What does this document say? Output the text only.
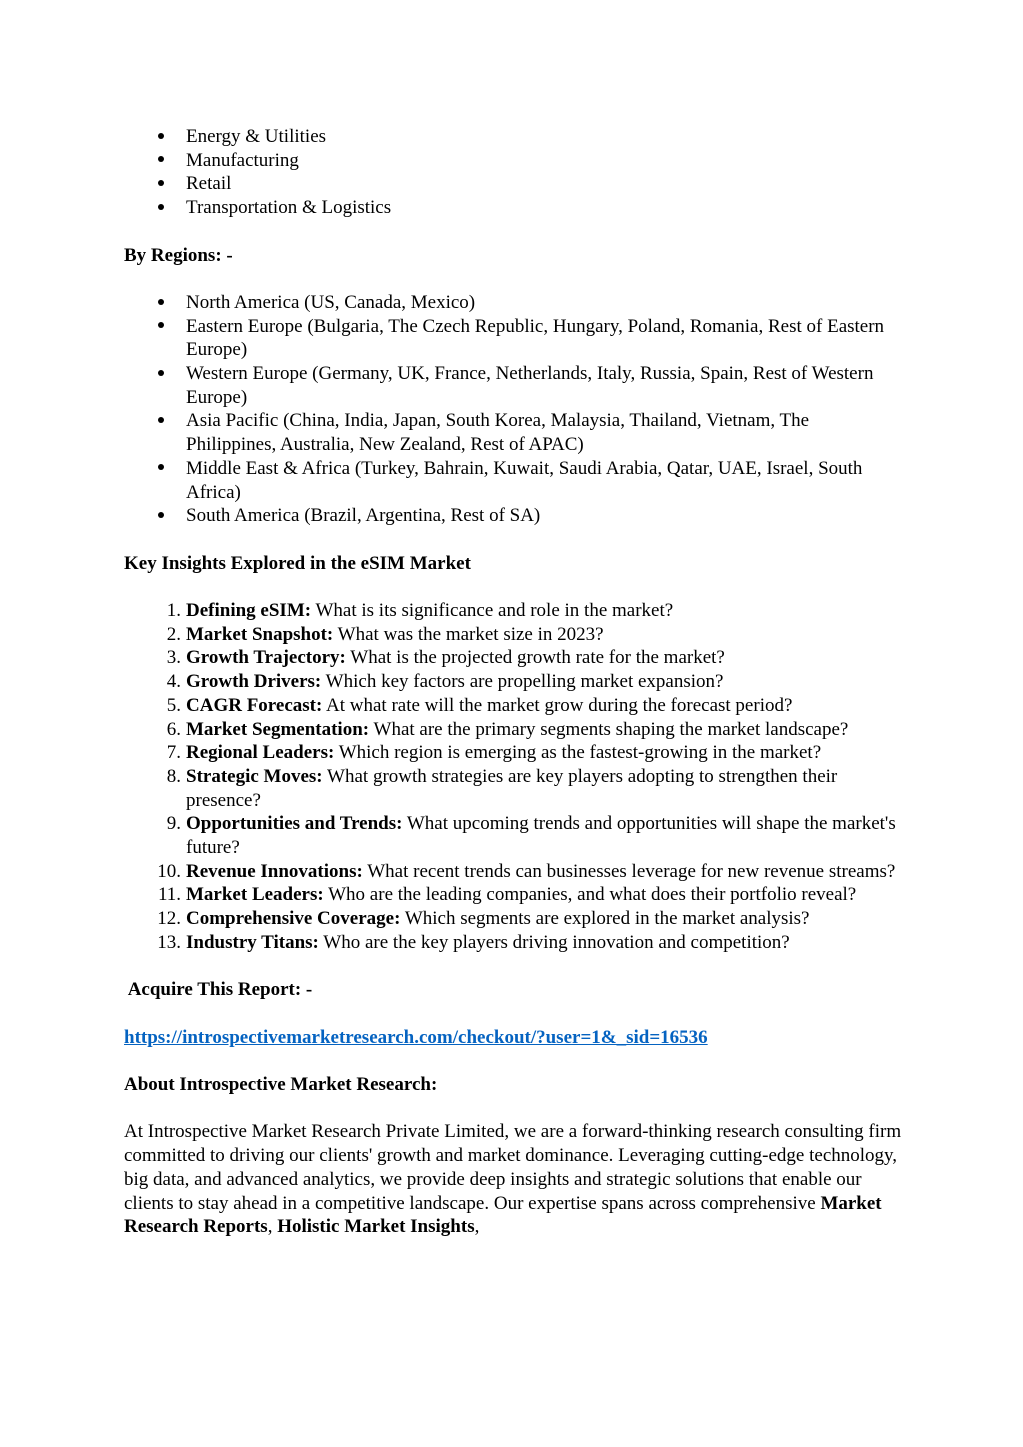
Energy & Utilities
Manufacturing
Retail
Transportation & Logistics
By Regions: -
North America (US, Canada, Mexico)
Eastern Europe (Bulgaria, The Czech Republic, Hungary, Poland, Romania, Rest of Eastern Europe)
Western Europe (Germany, UK, France, Netherlands, Italy, Russia, Spain, Rest of Western Europe)
Asia Pacific (China, India, Japan, South Korea, Malaysia, Thailand, Vietnam, The Philippines, Australia, New Zealand, Rest of APAC)
Middle East & Africa (Turkey, Bahrain, Kuwait, Saudi Arabia, Qatar, UAE, Israel, South Africa)
South America (Brazil, Argentina, Rest of SA)
Key Insights Explored in the eSIM Market
1. Defining eSIM: What is its significance and role in the market?
2. Market Snapshot: What was the market size in 2023?
3. Growth Trajectory: What is the projected growth rate for the market?
4. Growth Drivers: Which key factors are propelling market expansion?
5. CAGR Forecast: At what rate will the market grow during the forecast period?
6. Market Segmentation: What are the primary segments shaping the market landscape?
7. Regional Leaders: Which region is emerging as the fastest-growing in the market?
8. Strategic Moves: What growth strategies are key players adopting to strengthen their presence?
9. Opportunities and Trends: What upcoming trends and opportunities will shape the market's future?
10. Revenue Innovations: What recent trends can businesses leverage for new revenue streams?
11. Market Leaders: Who are the leading companies, and what does their portfolio reveal?
12. Comprehensive Coverage: Which segments are explored in the market analysis?
13. Industry Titans: Who are the key players driving innovation and competition?
Acquire This Report: -
https://introspectivemarketresearch.com/checkout/?user=1&_sid=16536
About Introspective Market Research:

At Introspective Market Research Private Limited, we are a forward-thinking research consulting firm committed to driving our clients' growth and market dominance. Leveraging cutting-edge technology, big data, and advanced analytics, we provide deep insights and strategic solutions that enable our clients to stay ahead in a competitive landscape. Our expertise spans across comprehensive Market Research Reports, Holistic Market Insights,
